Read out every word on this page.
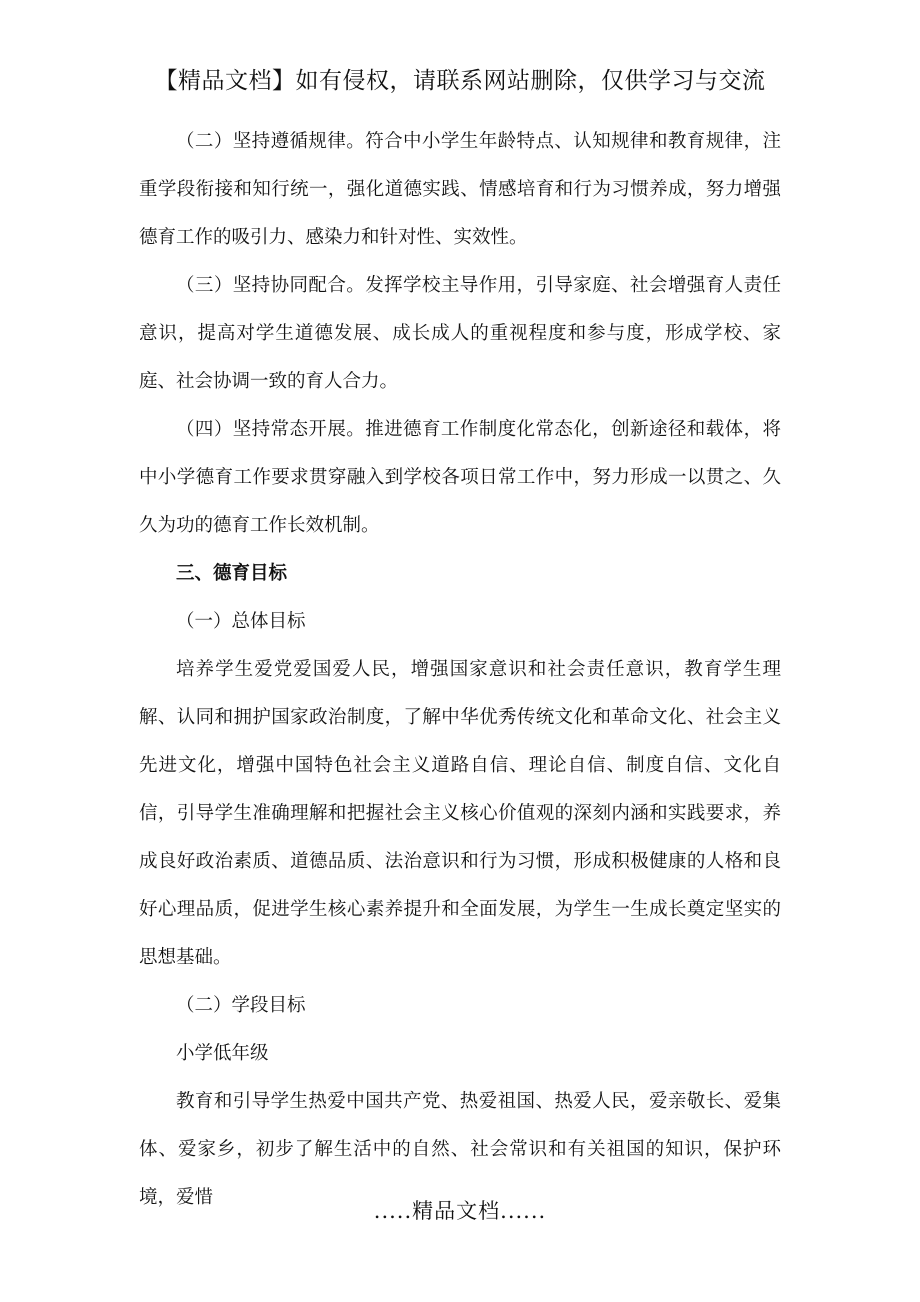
【精品文档】如有侵权，请联系网站删除，仅供学习与交流

（二）坚持遵循规律。符合中小学生年龄特点、认知规律和教育规律，注重学段衔接和知行统一，强化道德实践、情感培育和行为习惯养成，努力增强德育工作的吸引力、感染力和针对性、实效性。

（三）坚持协同配合。发挥学校主导作用，引导家庭、社会增强育人责任意识，提高对学生道德发展、成长成人的重视程度和参与度，形成学校、家庭、社会协调一致的育人合力。

（四）坚持常态开展。推进德育工作制度化常态化，创新途径和载体，将中小学德育工作要求贯穿融入到学校各项日常工作中，努力形成一以贯之、久久为功的德育工作长效机制。

三、德育目标

（一）总体目标

培养学生爱党爱国爱人民，增强国家意识和社会责任意识，教育学生理解、认同和拥护国家政治制度，了解中华优秀传统文化和革命文化、社会主义先进文化，增强中国特色社会主义道路自信、理论自信、制度自信、文化自信，引导学生准确理解和把握社会主义核心价值观的深刻内涵和实践要求，养成良好政治素质、道德品质、法治意识和行为习惯，形成积极健康的人格和良好心理品质，促进学生核心素养提升和全面发展，为学生一生成长奠定坚实的思想基础。

（二）学段目标

小学低年级

教育和引导学生热爱中国共产党、热爱祖国、热爱人民，爱亲敬长、爱集体、爱家乡，初步了解生活中的自然、社会常识和有关祖国的知识，保护环境，爱惜

.....精品文档......
